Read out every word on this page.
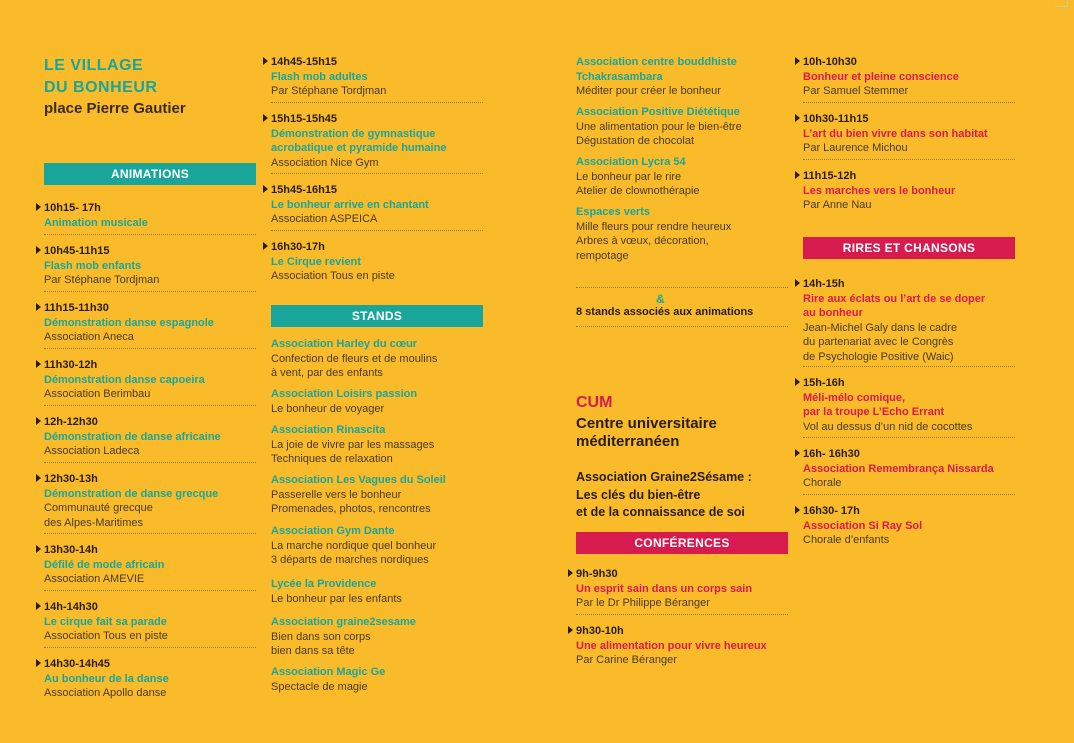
LE VILLAGE
DU BONHEUR
place Pierre Gautier
ANIMATIONS
10h15- 17h
Animation musicale
10h45-11h15
Flash mob enfants
Par Stéphane Tordjman
11h15-11h30
Démonstration danse espagnole
Association Aneca
11h30-12h
Démonstration danse capoeira
Association Berimbau
12h-12h30
Démonstration de danse africaine
Association Ladeca
12h30-13h
Démonstration de danse grecque
Communauté grecque
des Alpes-Maritimes
13h30-14h
Défilé de mode africain
Association AMEVIE
14h-14h30
Le cirque fait sa parade
Association Tous en piste
14h30-14h45
Au bonheur de la danse
Association Apollo danse
14h45-15h15
Flash mob adultes
Par Stéphane Tordjman
15h15-15h45
Démonstration de gymnastique
acrobatique et pyramide humaine
Association Nice Gym
15h45-16h15
Le bonheur arrive en chantant
Association ASPEICA
16h30-17h
Le Cirque revient
Association Tous en piste
STANDS
Association Harley du cœur
Confection de fleurs et de moulins
à vent, par des enfants
Association Loisirs passion
Le bonheur de voyager
Association Rinascita
La joie de vivre par les massages
Techniques de relaxation
Association Les Vagues du Soleil
Passerelle vers le bonheur
Promenades, photos, rencontres
Association Gym Dante
La marche nordique quel bonheur
3 départs de marches nordiques
Lycée la Providence
Le bonheur par les enfants
Association graine2sesame
Bien dans son corps
bien dans sa tête
Association Magic Ge
Spectacle de magie
Association centre bouddhiste
Tchakrasambara
Méditer pour créer le bonheur
Association Positive Diététique
Une alimentation pour le bien-être
Dégustation de chocolat
Association Lycra 54
Le bonheur par le rire
Atelier de clownothérapie
Espaces verts
Mille fleurs pour rendre heureux
Arbres à vœux, décoration,
rempotage
&
8 stands associés aux animations
CUM
Centre universitaire
méditerranéen
Association Graine2Sésame :
Les clés du bien-être
et de la connaissance de soi
CONFÉRENCES
9h-9h30
Un esprit sain dans un corps sain
Par le Dr Philippe Béranger
9h30-10h
Une alimentation pour vivre heureux
Par Carine Béranger
10h-10h30
Bonheur et pleine conscience
Par Samuel Stemmer
10h30-11h15
L’art du bien vivre dans son habitat
Par Laurence Michou
11h15-12h
Les marches vers le bonheur
Par Anne Nau
RIRES ET CHANSONS
14h-15h
Rire aux éclats ou l’art de se doper
au bonheur
Jean-Michel Galy dans le cadre
du partenariat avec le Congrès
de Psychologie Positive (Waic)
15h-16h
Méli-mélo comique,
par la troupe L’Echo Errant
Vol au dessus d’un nid de cocottes
16h- 16h30
Association Remembrança Nissarda
Chorale
16h30- 17h
Association Si Ray Sol
Chorale d’enfants
